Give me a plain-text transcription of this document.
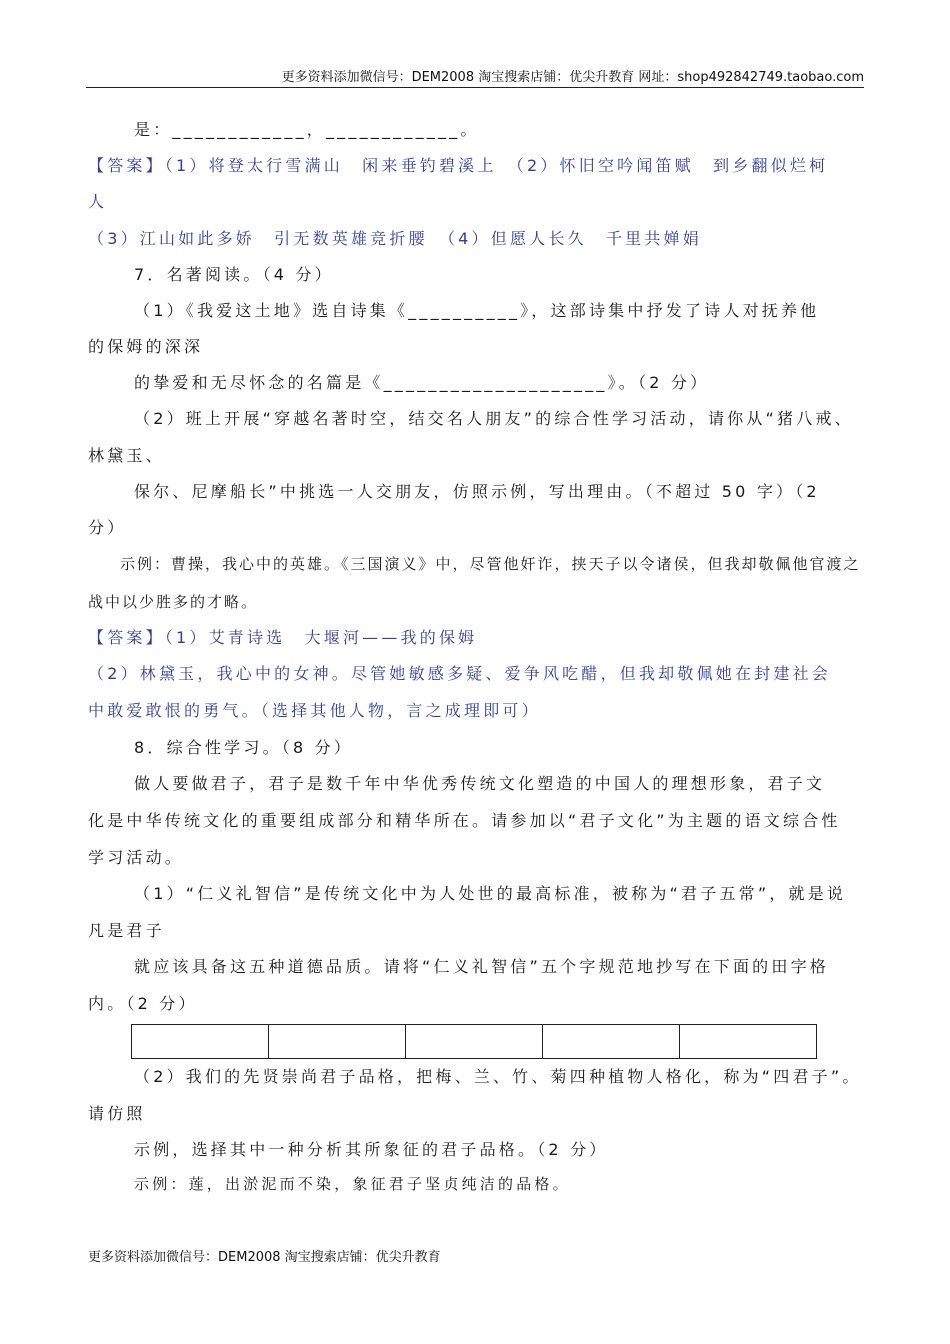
更多资料添加微信号：DEM2008 淘宝搜索店铺：优尖升教育 网址：shop492842749.taobao.com
是：____________，____________。
【答案】（1）将登太行雪满山　闲来垂钓碧溪上　（2）怀旧空吟闻笛赋　到乡翻似烂柯
人
（3）江山如此多娇　引无数英雄竞折腰　（4）但愿人长久　千里共婵娟
7．名著阅读。（4 分）
（1）《我爱这土地》选自诗集《__________》，这部诗集中抒发了诗人对抚养他
的保姆的深深
的挚爱和无尽怀念的名篇是《____________________》。（2 分）
（2）班上开展“穿越名著时空，结交名人朋友”的综合性学习活动，请你从“猪八戒、
林黛玉、
保尔、尼摩船长”中挑选一人交朋友，仿照示例，写出理由。（不超过 50 字）（2
分）
示例：曹操，我心中的英雄。《三国演义》中，尽管他奸诈，挟天子以令诸侯，但我却敬佩他官渡之
战中以少胜多的才略。
【答案】（1）艾青诗选　大堰河——我的保姆
（2）林黛玉，我心中的女神。尽管她敏感多疑、爱争风吃醋，但我却敬佩她在封建社会
中敢爱敢恨的勇气。（选择其他人物，言之成理即可）
8．综合性学习。（8 分）
做人要做君子，君子是数千年中华优秀传统文化塑造的中国人的理想形象，君子文
化是中华传统文化的重要组成部分和精华所在。请参加以“君子文化”为主题的语文综合性
学习活动。
（1）“仁义礼智信”是传统文化中为人处世的最高标准，被称为“君子五常”，就是说
凡是君子
就应该具备这五种道德品质。请将“仁义礼智信”五个字规范地抄写在下面的田字格
内。（2 分）
（2）我们的先贤崇尚君子品格，把梅、兰、竹、菊四种植物人格化，称为“四君子”。
请仿照
示例，选择其中一种分析其所象征的君子品格。（2 分）
示例：莲，出淤泥而不染，象征君子坚贞纯洁的品格。
更多资料添加微信号：DEM2008 淘宝搜索店铺：优尖升教育
